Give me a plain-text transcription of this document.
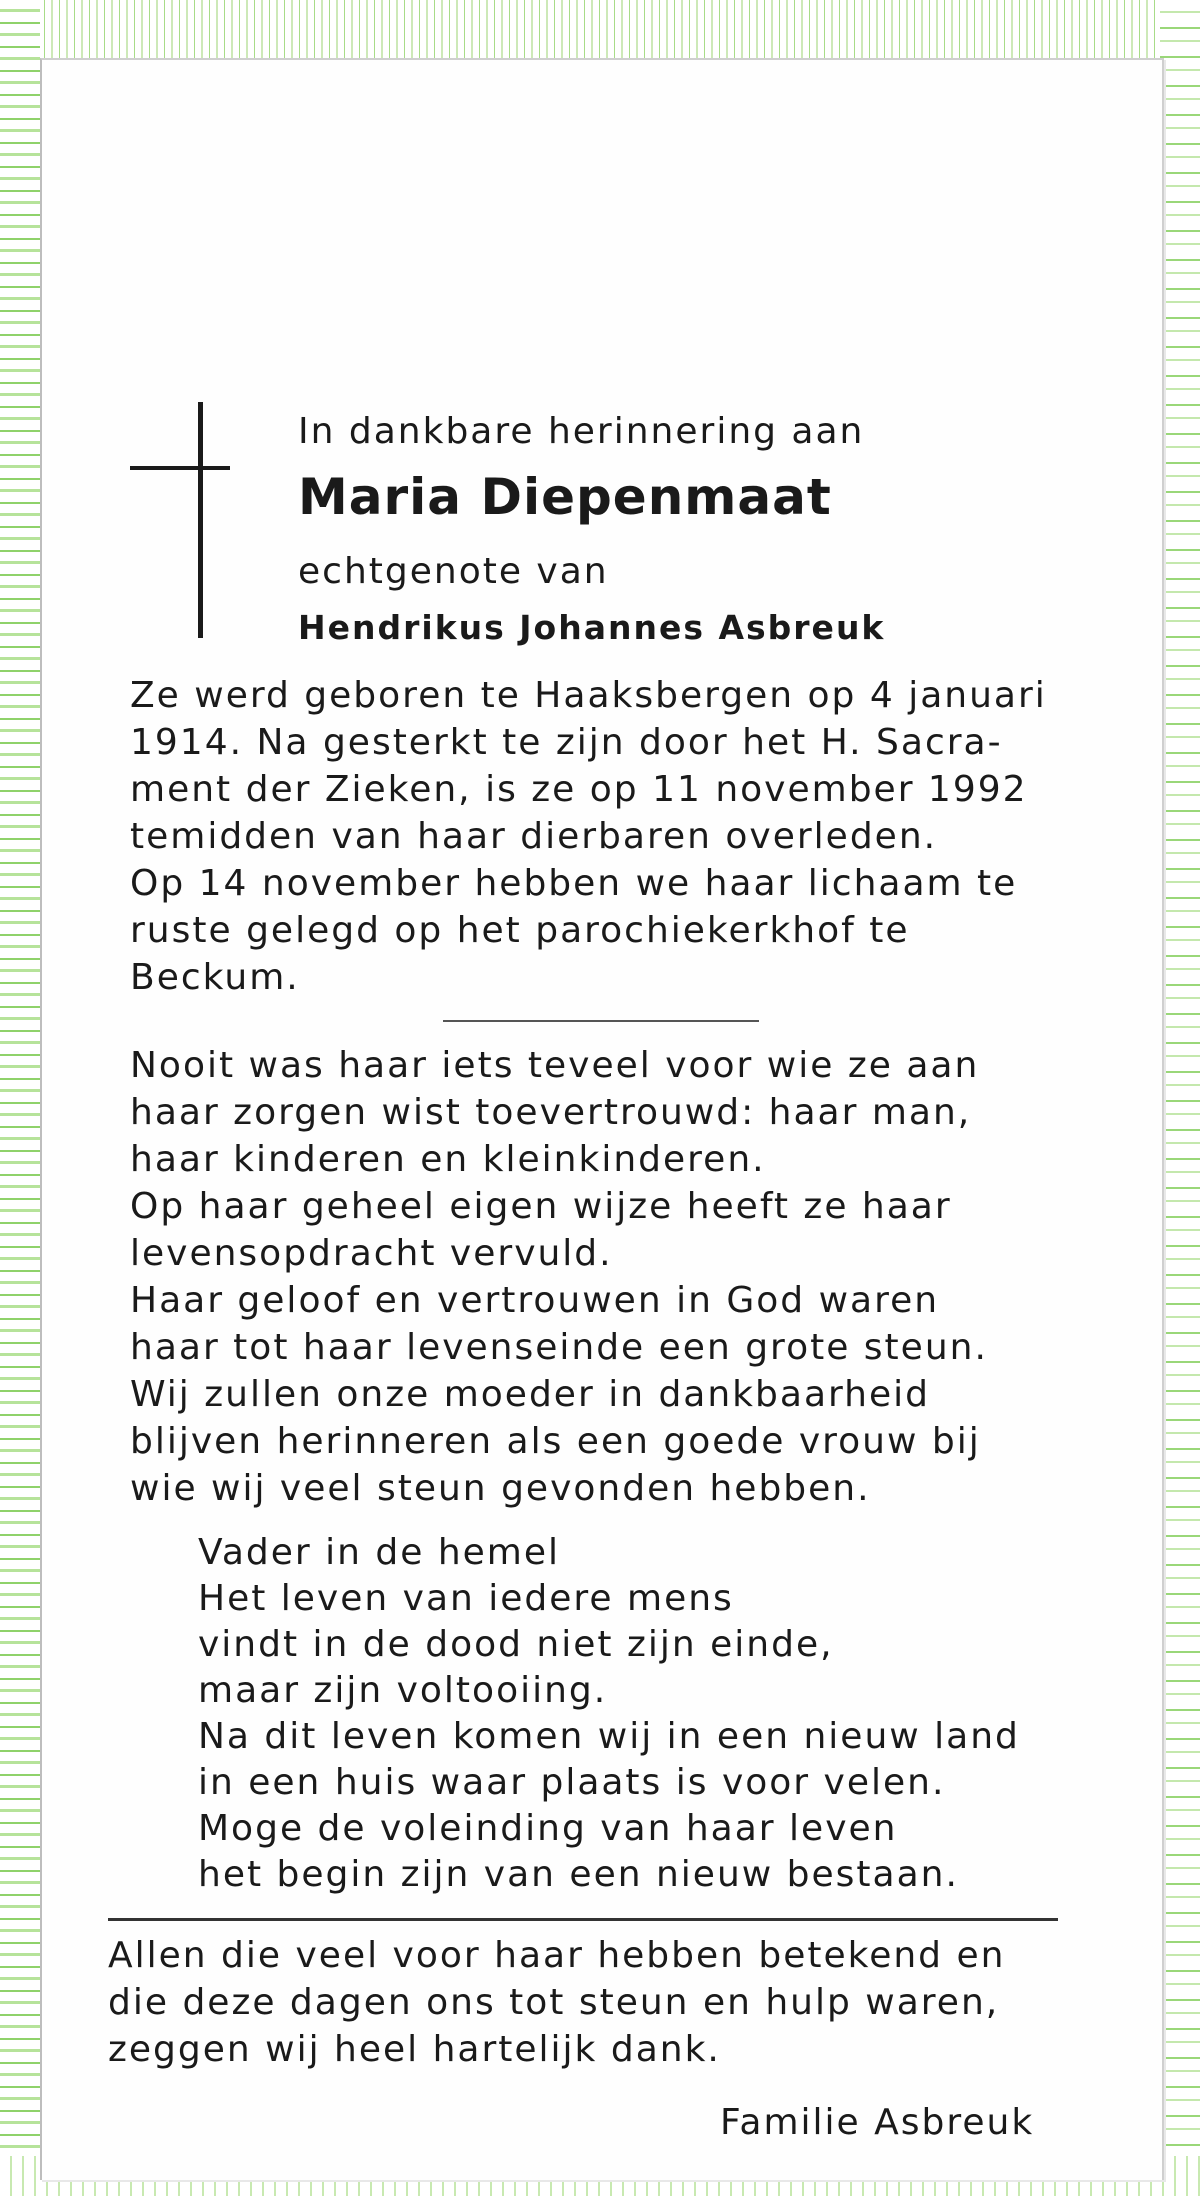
In dankbare herinnering aan
Maria Diepenmaat
echtgenote van
Hendrikus Johannes Asbreuk
Ze werd geboren te Haaksbergen op 4 januari
1914. Na gesterkt te zijn door het H. Sacra-
ment der Zieken, is ze op 11 november 1992
temidden van haar dierbaren overleden.
Op 14 november hebben we haar lichaam te
ruste gelegd op het parochiekerkhof te
Beckum.
Nooit was haar iets teveel voor wie ze aan
haar zorgen wist toevertrouwd: haar man,
haar kinderen en kleinkinderen.
Op haar geheel eigen wijze heeft ze haar
levensopdracht vervuld.
Haar geloof en vertrouwen in God waren
haar tot haar levenseinde een grote steun.
Wij zullen onze moeder in dankbaarheid
blijven herinneren als een goede vrouw bij
wie wij veel steun gevonden hebben.
Vader in de hemel
Het leven van iedere mens
vindt in de dood niet zijn einde,
maar zijn voltooiing.
Na dit leven komen wij in een nieuw land
in een huis waar plaats is voor velen.
Moge de voleinding van haar leven
het begin zijn van een nieuw bestaan.
Allen die veel voor haar hebben betekend en
die deze dagen ons tot steun en hulp waren,
zeggen wij heel hartelijk dank.
Familie Asbreuk
